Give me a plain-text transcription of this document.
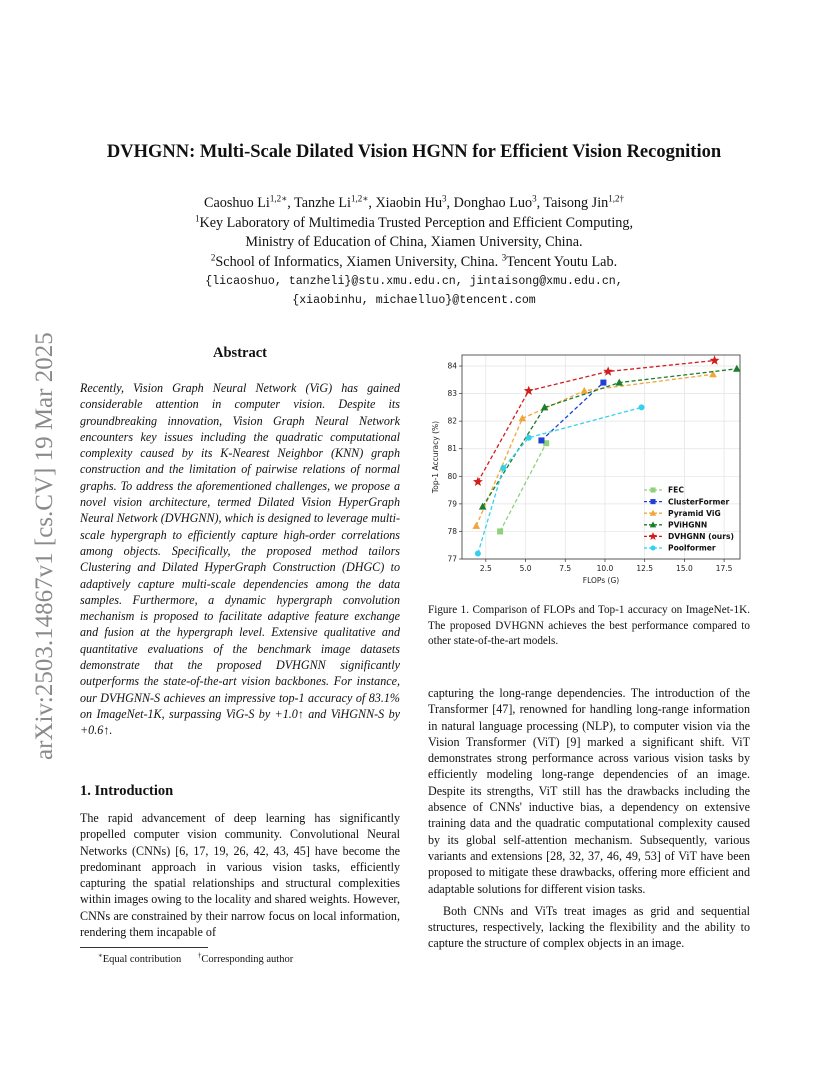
arXiv:2503.14867v1 [cs.CV] 19 Mar 2025
DVHGNN: Multi-Scale Dilated Vision HGNN for Efficient Vision Recognition
Caoshuo $Li^{1,2∗}$, Tanzhe $Li^{1,2∗}$, Xiaobin Hu$^3$, Donghao Luo$^3$, Taisong Jin$^{1,2\dagger}$
$^1$Key Laboratory of Multimedia Trusted Perception and Efficient Computing,
Ministry of Education of China, Xiamen University, China.
$^2$School of Informatics, Xiamen University, China. $^3$Tencent Youtu Lab.
{licaoshuo, tanzheli}@stu.xmu.edu.cn, jintaisong@xmu.edu.cn,
{xiaobinhu, michaelluo}@tencent.com
Abstract

Recently, Vision Graph Neural Network (ViG) has gained considerable attention in computer vision. Despite its groundbreaking innovation, Vision Graph Neural Network encounters key issues including the quadratic computational complexity caused by its K-Nearest Neighbor (KNN) graph construction and the limitation of pairwise relations of normal graphs. To address the aforementioned challenges, we propose a novel vision architecture, termed Dilated Vision HyperGraph Neural Network (DVHGNN), which is designed to leverage multi-scale hypergraph to efficiently capture high-order correlations among objects. Specifically, the proposed method tailors Clustering and Dilated HyperGraph Construction (DHGC) to adaptively capture multi-scale dependencies among the data samples. Furthermore, a dynamic hypergraph convolution mechanism is proposed to facilitate adaptive feature exchange and fusion at the hypergraph level. Extensive qualitative and quantitative evaluations of the benchmark image datasets demonstrate that the proposed DVHGNN significantly outperforms the state-of-the-art vision backbones. For instance, our DVHGNN-S achieves an impressive top-1 accuracy of 83.1% on ImageNet-1K, surpassing ViG-S by +1.0↑ and ViHGNN-S by +0.6↑.

1. Introduction

The rapid advancement of deep learning has significantly propelled computer vision community. Convolutional Neural Networks (CNNs) [6, 17, 19, 26, 42, 43, 45] have become the predominant approach in various vision tasks, efficiently capturing the spatial relationships and structural complexities within images owing to the locality and shared weights. However, CNNs are constrained by their narrow focus on local information, rendering them incapable of

∗Equal contribution †Corresponding author
2.5	5.0	7.5	10.0	12.5	15.0	17.5
77
78
79
80
81
82
83
84
FLOPs (G)
Top-1 Accuracy (%)	FEC
ClusterFormer
Pyramid ViG
PViHGNN
DVHGNN (ours)
Poolformer
Figure 1. Comparison of FLOPs and Top-1 accuracy on ImageNet-1K. The proposed DVHGNN achieves the best performance compared to other state-of-the-art models.

capturing the long-range dependencies. The introduction of the Transformer [47], renowned for handling long-range information in natural language processing (NLP), to computer vision via the Vision Transformer (ViT) [9] marked a significant shift. ViT demonstrates strong performance across various vision tasks by efficiently modeling long-range dependencies of an image. Despite its strengths, ViT still has the drawbacks including the absence of CNNs' inductive bias, a dependency on extensive training data and the quadratic computational complexity caused by its global self-attention mechanism. Subsequently, various variants and extensions [28, 32, 37, 46, 49, 53] of ViT have been proposed to mitigate these drawbacks, offering more efficient and adaptable solutions for different vision tasks.

Both CNNs and ViTs treat images as grid and sequential structures, respectively, lacking the flexibility and the ability to capture the structure of complex objects in an image.
